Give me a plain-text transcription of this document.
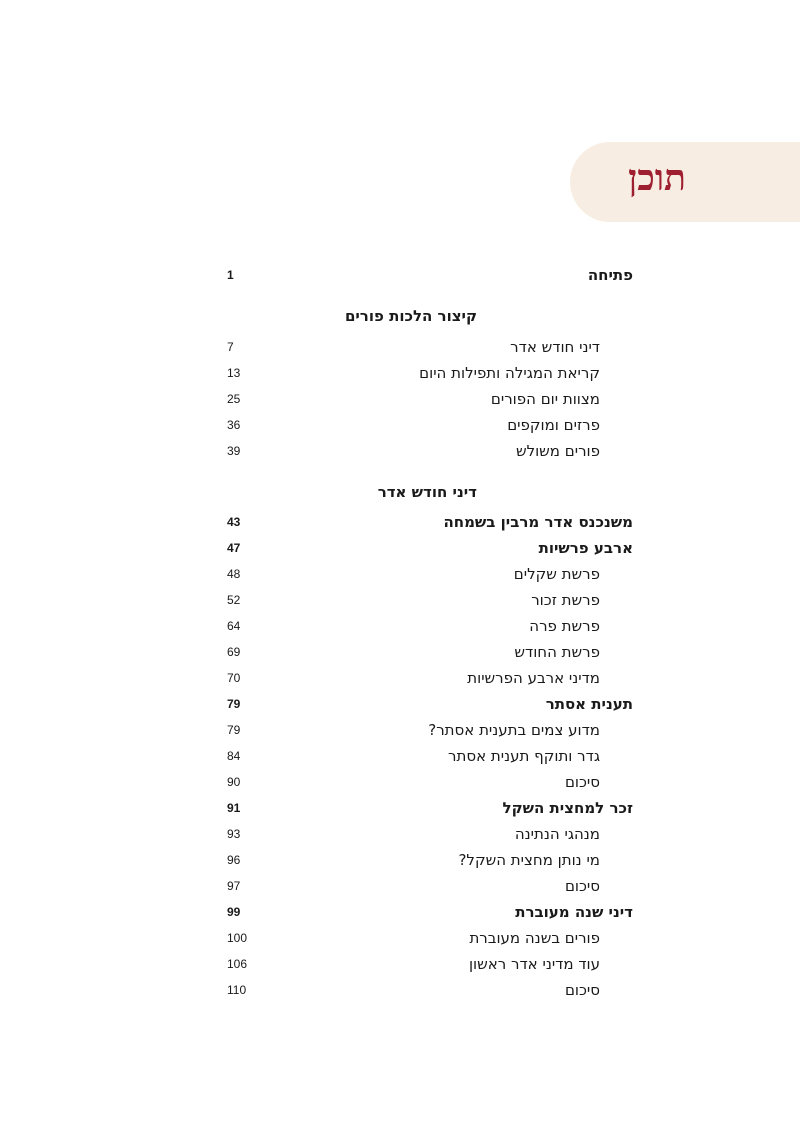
תוכן
פתיחה
1
קיצור הלכות פורים
דיני חודש אדר
7
קריאת המגילה ותפילות היום
13
מצוות יום הפורים
25
פרזים ומוקפים
36
פורים משולש
39
דיני חודש אדר
משנכנס אדר מרבין בשמחה
43
ארבע פרשיות
47
פרשת שקלים
48
פרשת זכור
52
פרשת פרה
64
פרשת החודש
69
מדיני ארבע הפרשיות
70
תענית אסתר
79
מדוע צמים בתענית אסתר?
79
גדר ותוקף תענית אסתר
84
סיכום
90
זכר למחצית השקל
91
מנהגי הנתינה
93
מי נותן מחצית השקל?
96
סיכום
97
דיני שנה מעוברת
99
פורים בשנה מעוברת
100
עוד מדיני אדר ראשון
106
סיכום
110
